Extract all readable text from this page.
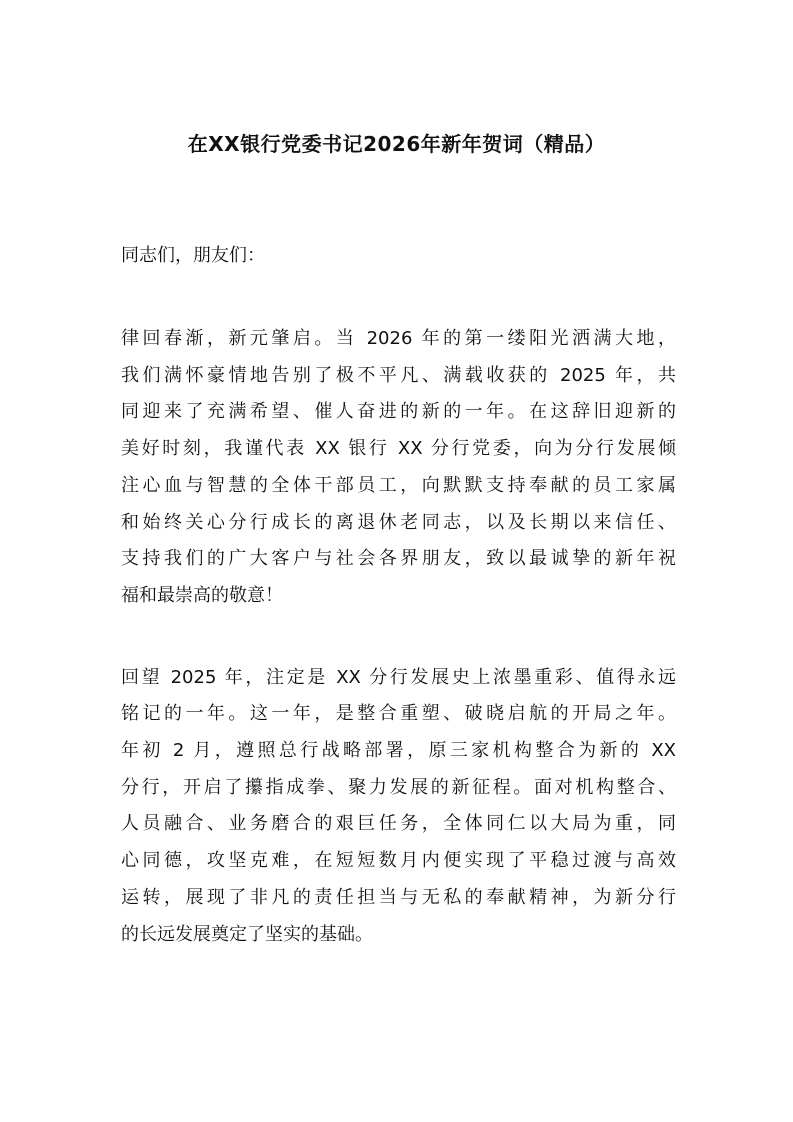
在XX银行党委书记2026年新年贺词（精品）

同志们，朋友们：

律回春渐，新元肇启。当 2026 年的第一缕阳光洒满大地，
我们满怀豪情地告别了极不平凡、满载收获的 2025 年，共
同迎来了充满希望、催人奋进的新的一年。在这辞旧迎新的
美好时刻，我谨代表 XX 银行 XX 分行党委，向为分行发展倾
注心血与智慧的全体干部员工，向默默支持奉献的员工家属
和始终关心分行成长的离退休老同志，以及长期以来信任、
支持我们的广大客户与社会各界朋友，致以最诚挚的新年祝
福和最崇高的敬意！

回望 2025 年，注定是 XX 分行发展史上浓墨重彩、值得永远
铭记的一年。这一年，是整合重塑、破晓启航的开局之年。
年初 2 月，遵照总行战略部署，原三家机构整合为新的 XX
分行，开启了攥指成拳、聚力发展的新征程。面对机构整合、
人员融合、业务磨合的艰巨任务，全体同仁以大局为重，同
心同德，攻坚克难，在短短数月内便实现了平稳过渡与高效
运转，展现了非凡的责任担当与无私的奉献精神，为新分行
的长远发展奠定了坚实的基础。
